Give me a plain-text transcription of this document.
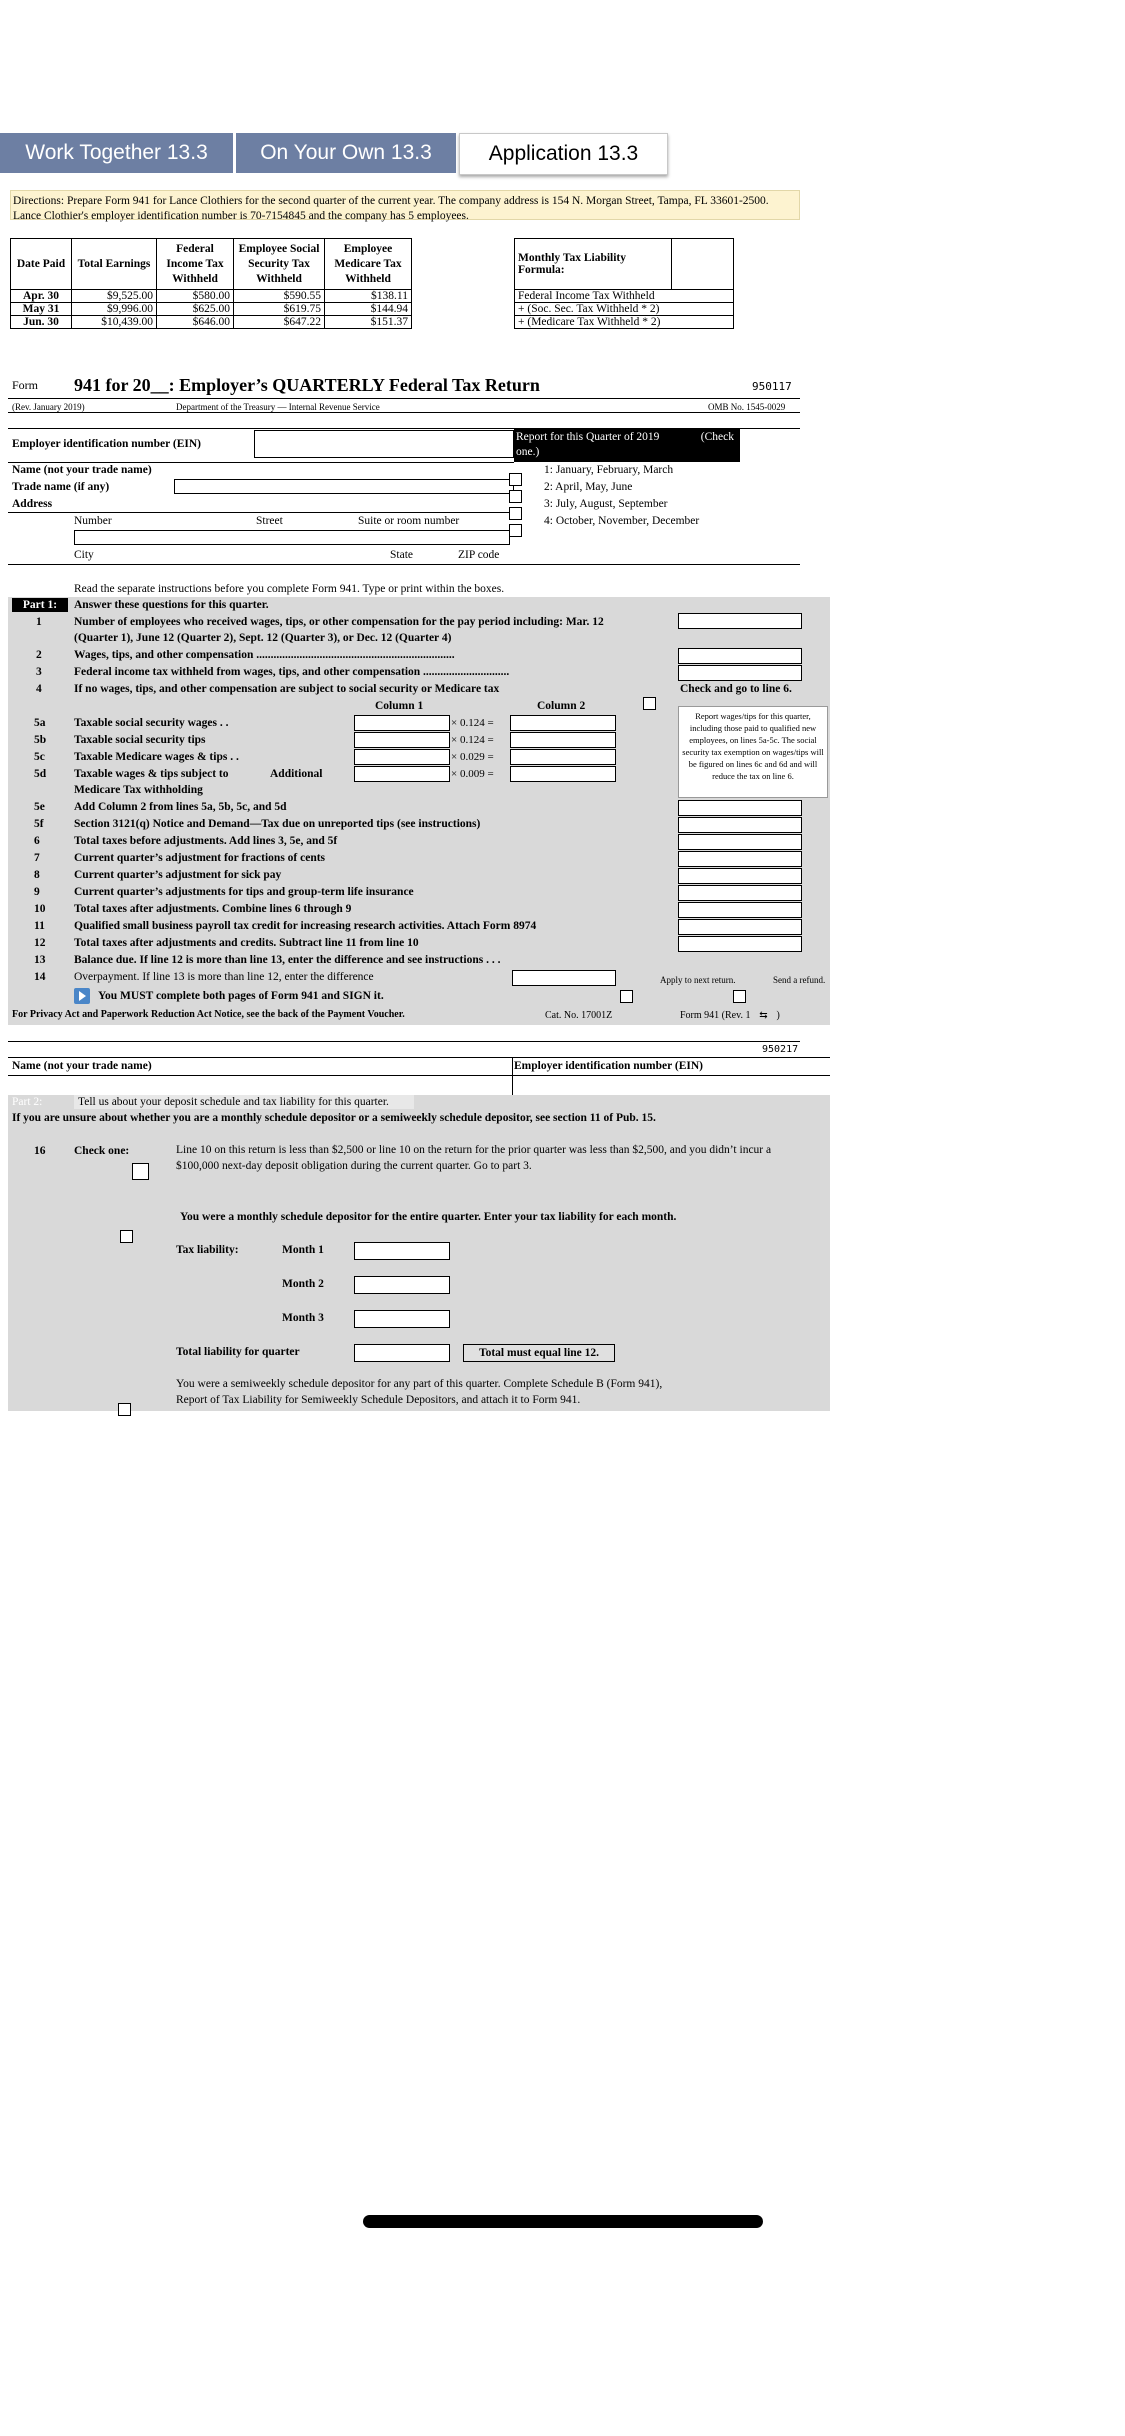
Work Together 13.3	On Your Own 13.3	Application 13.3
Directions: Prepare Form 941 for Lance Clothiers for the second quarter of the current year. The company address is 154 N. Morgan Street, Tampa, FL 33601-2500. Lance Clothier's employer identification number is 70-7154845 and the company has 5 employees.
Date Paid	Total Earnings	Federal Income Tax Withheld	Employee Social Security Tax Withheld	Employee Medicare Tax Withheld
Apr. 30	$9,525.00	$580.00	$590.55	$138.11
May 31	$9,996.00	$625.00	$619.75	$144.94
Jun. 30	$10,439.00	$646.00	$647.22	$151.37
Monthly Tax Liability Formula:	
Federal Income Tax Withheld
+ (Soc. Sec. Tax Withheld * 2)
+ (Medicare Tax Withheld * 2)
Form 941 for 20__: Employer’s QUARTERLY Federal Tax Return	950117
(Rev. January 2019)	Department of the Treasury — Internal Revenue Service	OMB No. 1545-0029
Employer identification number (EIN)
Name (not your trade name)
Trade name (if any)
Address
Number	Street	Suite or room number
City	State	ZIP code
Report for this Quarter of 2019	(Check
one.)
1: January, February, March
2: April, May, June
3: July, August, September
4: October, November, December
Read the separate instructions before you complete Form 941. Type or print within the boxes.
Part 1:	Answer these questions for this quarter.
1	Number of employees who received wages, tips, or other compensation for the pay period including: Mar. 12
(Quarter 1), June 12 (Quarter 2), Sept. 12 (Quarter 3), or Dec. 12 (Quarter 4)
2	Wages, tips, and other compensation .....................................................................
3	Federal income tax withheld from wages, tips, and other compensation ..............................
4	If no wages, tips, and other compensation are subject to social security or Medicare tax	Check and go to line 6.
Column 1	Column 2
5a Taxable social security wages . .	× 0.124 =
5b Taxable social security tips	× 0.124 =
5c	Taxable Medicare wages & tips . .	× 0.029 =
5d Taxable wages & tips subject to	Additional
Medicare Tax withholding
× 0.009 =
Report wages/tips for this quarter, including those paid to qualified new employees, on lines 5a-5c. The social security tax exemption on wages/tips will be figured on lines 6c and 6d and will reduce the tax on line 6.
5e	Add Column 2 from lines 5a, 5b, 5c, and 5d
5f	Section 3121(q) Notice and Demand—Tax due on unreported tips (see instructions)
6	Total taxes before adjustments. Add lines 3, 5e, and 5f
7	Current quarter’s adjustment for fractions of cents
8	Current quarter’s adjustment for sick pay
9	Current quarter’s adjustments for tips and group-term life insurance
10 Total taxes after adjustments. Combine lines 6 through 9
11	Qualified small business payroll tax credit for increasing research activities. Attach Form 8974
12 Total taxes after adjustments and credits. Subtract line 11 from line 10
13 Balance due. If line 12 is more than line 13, enter the difference and see instructions . . .
14 Overpayment. If line 13 is more than line 12, enter the difference	Apply to next return.	Send a refund.
You MUST complete both pages of Form 941 and SIGN it.
For Privacy Act and Paperwork Reduction Act Notice, see the back of the Payment Voucher.	Cat. No. 17001Z	Form 941 (Rev. 1 ⇆ )
950217
Name (not your trade name)	Employer identification number (EIN)
Part 2:	Tell us about your deposit schedule and tax liability for this quarter.
If you are unsure about whether you are a monthly schedule depositor or a semiweekly schedule depositor, see section 11 of Pub. 15.
16 Check one:	Line 10 on this return is less than $2,500 or line 10 on the return for the prior quarter was less than $2,500, and you didn’t incur a $100,000 next-day deposit obligation during the current quarter. Go to part 3.
You were a monthly schedule depositor for the entire quarter. Enter your tax liability for each month.
Tax liability:	Month 1
Month 2
Month 3
Total liability for quarter	Total must equal line 12.
You were a semiweekly schedule depositor for any part of this quarter. Complete Schedule B (Form 941), Report of Tax Liability for Semiweekly Schedule Depositors, and attach it to Form 941.
